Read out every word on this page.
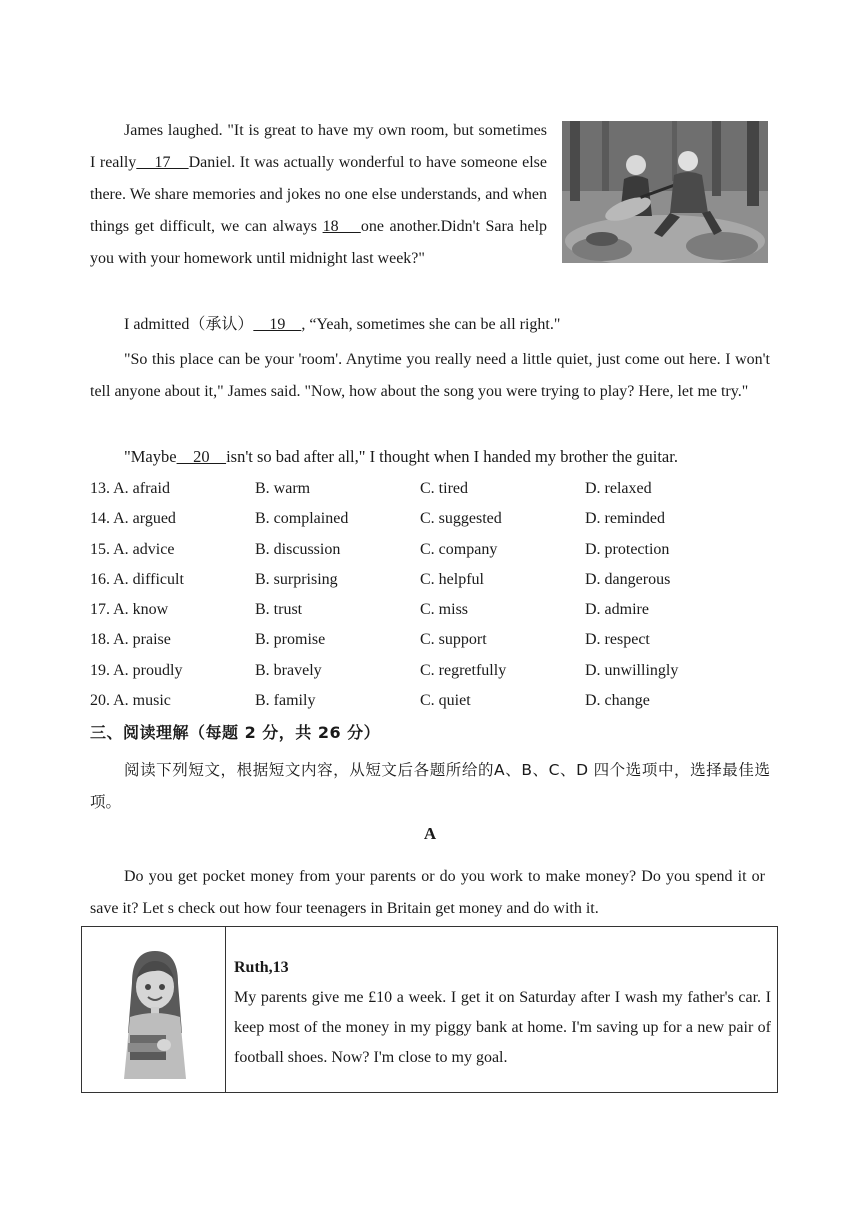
James laughed. "It is great to have my own room, but sometimes I really    17    Daniel. It was actually wonderful to have someone else there. We share memories and jokes no one else understands, and when things get difficult, we can always 18    one another.Didn't Sara help you with your homework until midnight last week?"

I admitted（承认）    19    , “Yeah, sometimes she can be all right."

"So this place can be your 'room'. Anytime you really need a little quiet, just come out here. I won't tell anyone about it," James said. "Now, how about the song you were trying to play? Here, let me try."

"Maybe    20    isn't so bad after all," I thought when I handed my brother the guitar.

13. A. afraid	B. warm	C. tired	D. relaxed
14. A. argued	B. complained	C. suggested	D. reminded
15. A. advice	B. discussion	C. company	D. protection
16. A. difficult	B. surprising	C. helpful	D. dangerous
17. A. know	B. trust	C. miss	D. admire
18. A. praise	B. promise	C. support	D. respect
19. A. proudly	B. bravely	C. regretfully	D. unwillingly
20. A. music	B. family	C. quiet	D. change
三、阅读理解（每题 2 分，共 26 分）

阅读下列短文，根据短文内容，从短文后各题所给的A、B、C、D 四个选项中，选择最佳选项。

A

Do you get pocket money from your parents or do you work to make money? Do you spend it or save it? Let s check out how four teenagers in Britain get money and do with it.

Ruth,13
My parents give me £10 a week. I get it on Saturday after I wash my father's car. I keep most of the money in my piggy bank at home. I'm saving up for a new pair of football shoes. Now? I'm close to my goal.
